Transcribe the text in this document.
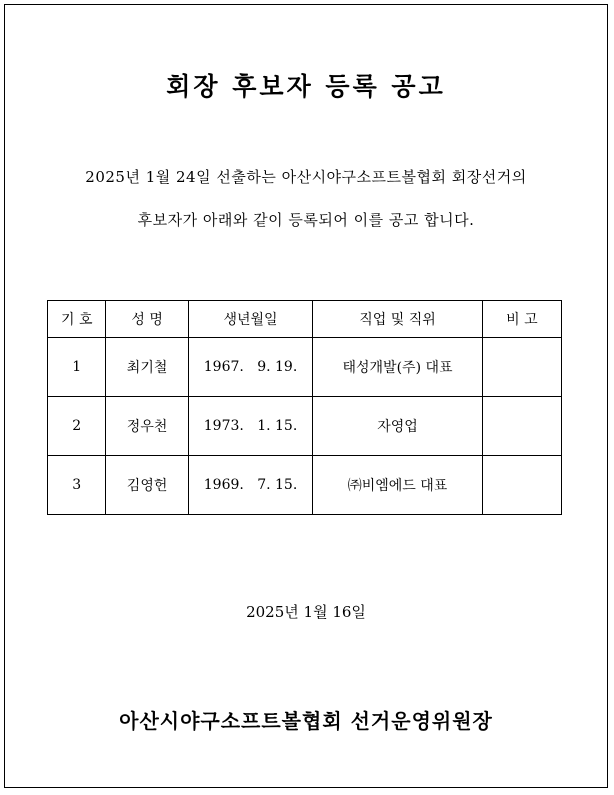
회장 후보자 등록 공고
2025년 1월 24일 선출하는 아산시야구소프트볼협회 회장선거의
후보자가 아래와 같이 등록되어 이를 공고 합니다.
기 호	성 명	생년월일	직업 및 직위	비 고
1	최기철	1967.   9. 19.	태성개발(주) 대표	
2	정우천	1973.   1. 15.	자영업	
3	김영헌	1969.   7. 15.	㈜비엠에드 대표	
2025년 1월 16일
아산시야구소프트볼협회 선거운영위원장
